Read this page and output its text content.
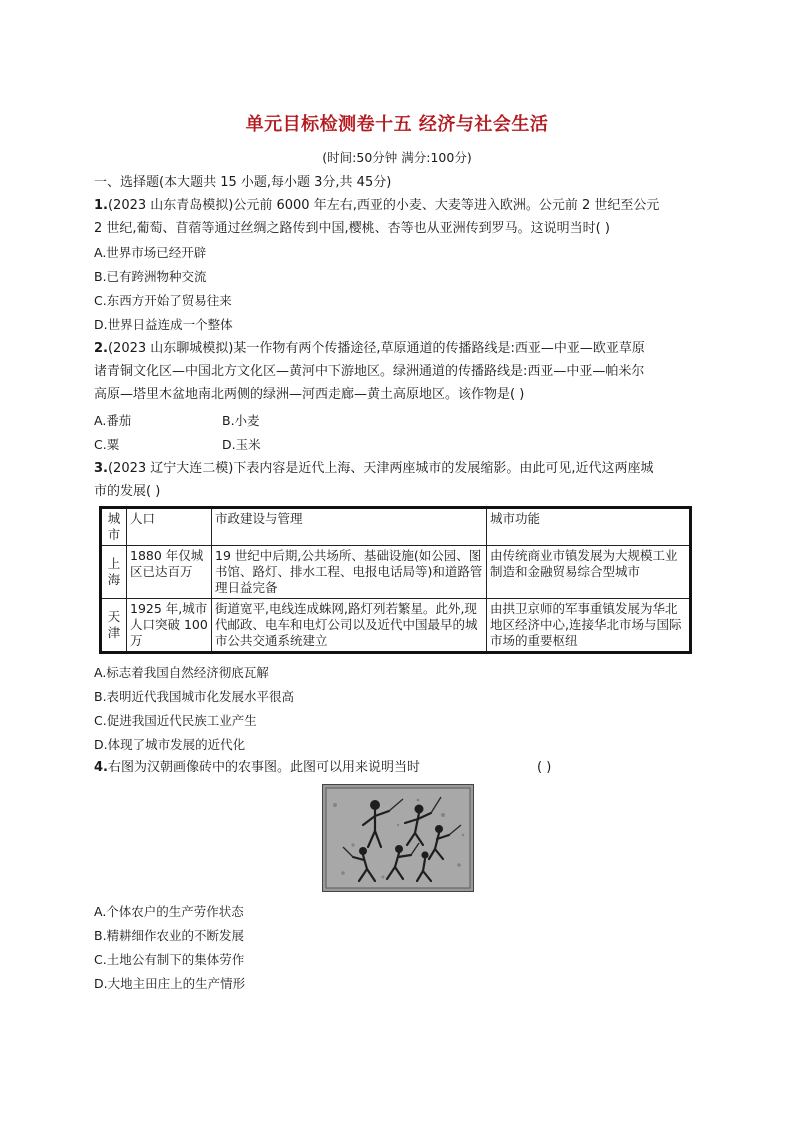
单元目标检测卷十五 经济与社会生活
(时间:50分钟 满分:100分)
一、选择题(本大题共 15 小题,每小题 3分,共 45分)
1.(2023 山东青岛模拟)公元前 6000 年左右,西亚的小麦、大麦等进入欧洲。公元前 2 世纪至公元
2 世纪,葡萄、苜蓿等通过丝绸之路传到中国,樱桃、杏等也从亚洲传到罗马。这说明当时( )
A.世界市场已经开辟
B.已有跨洲物种交流
C.东西方开始了贸易往来
D.世界日益连成一个整体
2.(2023 山东聊城模拟)某一作物有两个传播途径,草原通道的传播路线是:西亚—中亚—欧亚草原
诸青铜文化区—中国北方文化区—黄河中下游地区。绿洲通道的传播路线是:西亚—中亚—帕米尔
高原—塔里木盆地南北两侧的绿洲—河西走廊—黄土高原地区。该作物是( )
A.番茄	B.小麦
C.粟	D.玉米
3.(2023 辽宁大连二模)下表内容是近代上海、天津两座城市的发展缩影。由此可见,近代这两座城
市的发展( )
城市	人口	市政建设与管理	城市功能
上海	1880 年仅城区已达百万	19 世纪中后期,公共场所、基础设施(如公园、图书馆、路灯、排水工程、电报电话局等)和道路管理日益完备	由传统商业市镇发展为大规模工业制造和金融贸易综合型城市
天津	1925 年,城市人口突破 100 万	街道宽平,电线连成蛛网,路灯列若繁星。此外,现代邮政、电车和电灯公司以及近代中国最早的城市公共交通系统建立	由拱卫京师的军事重镇发展为华北地区经济中心,连接华北市场与国际市场的重要枢纽
A.标志着我国自然经济彻底瓦解
B.表明近代我国城市化发展水平很高
C.促进我国近代民族工业产生
D.体现了城市发展的近代化
4.右图为汉朝画像砖中的农事图。此图可以用来说明当时	( )
A.个体农户的生产劳作状态
B.精耕细作农业的不断发展
C.土地公有制下的集体劳作
D.大地主田庄上的生产情形
